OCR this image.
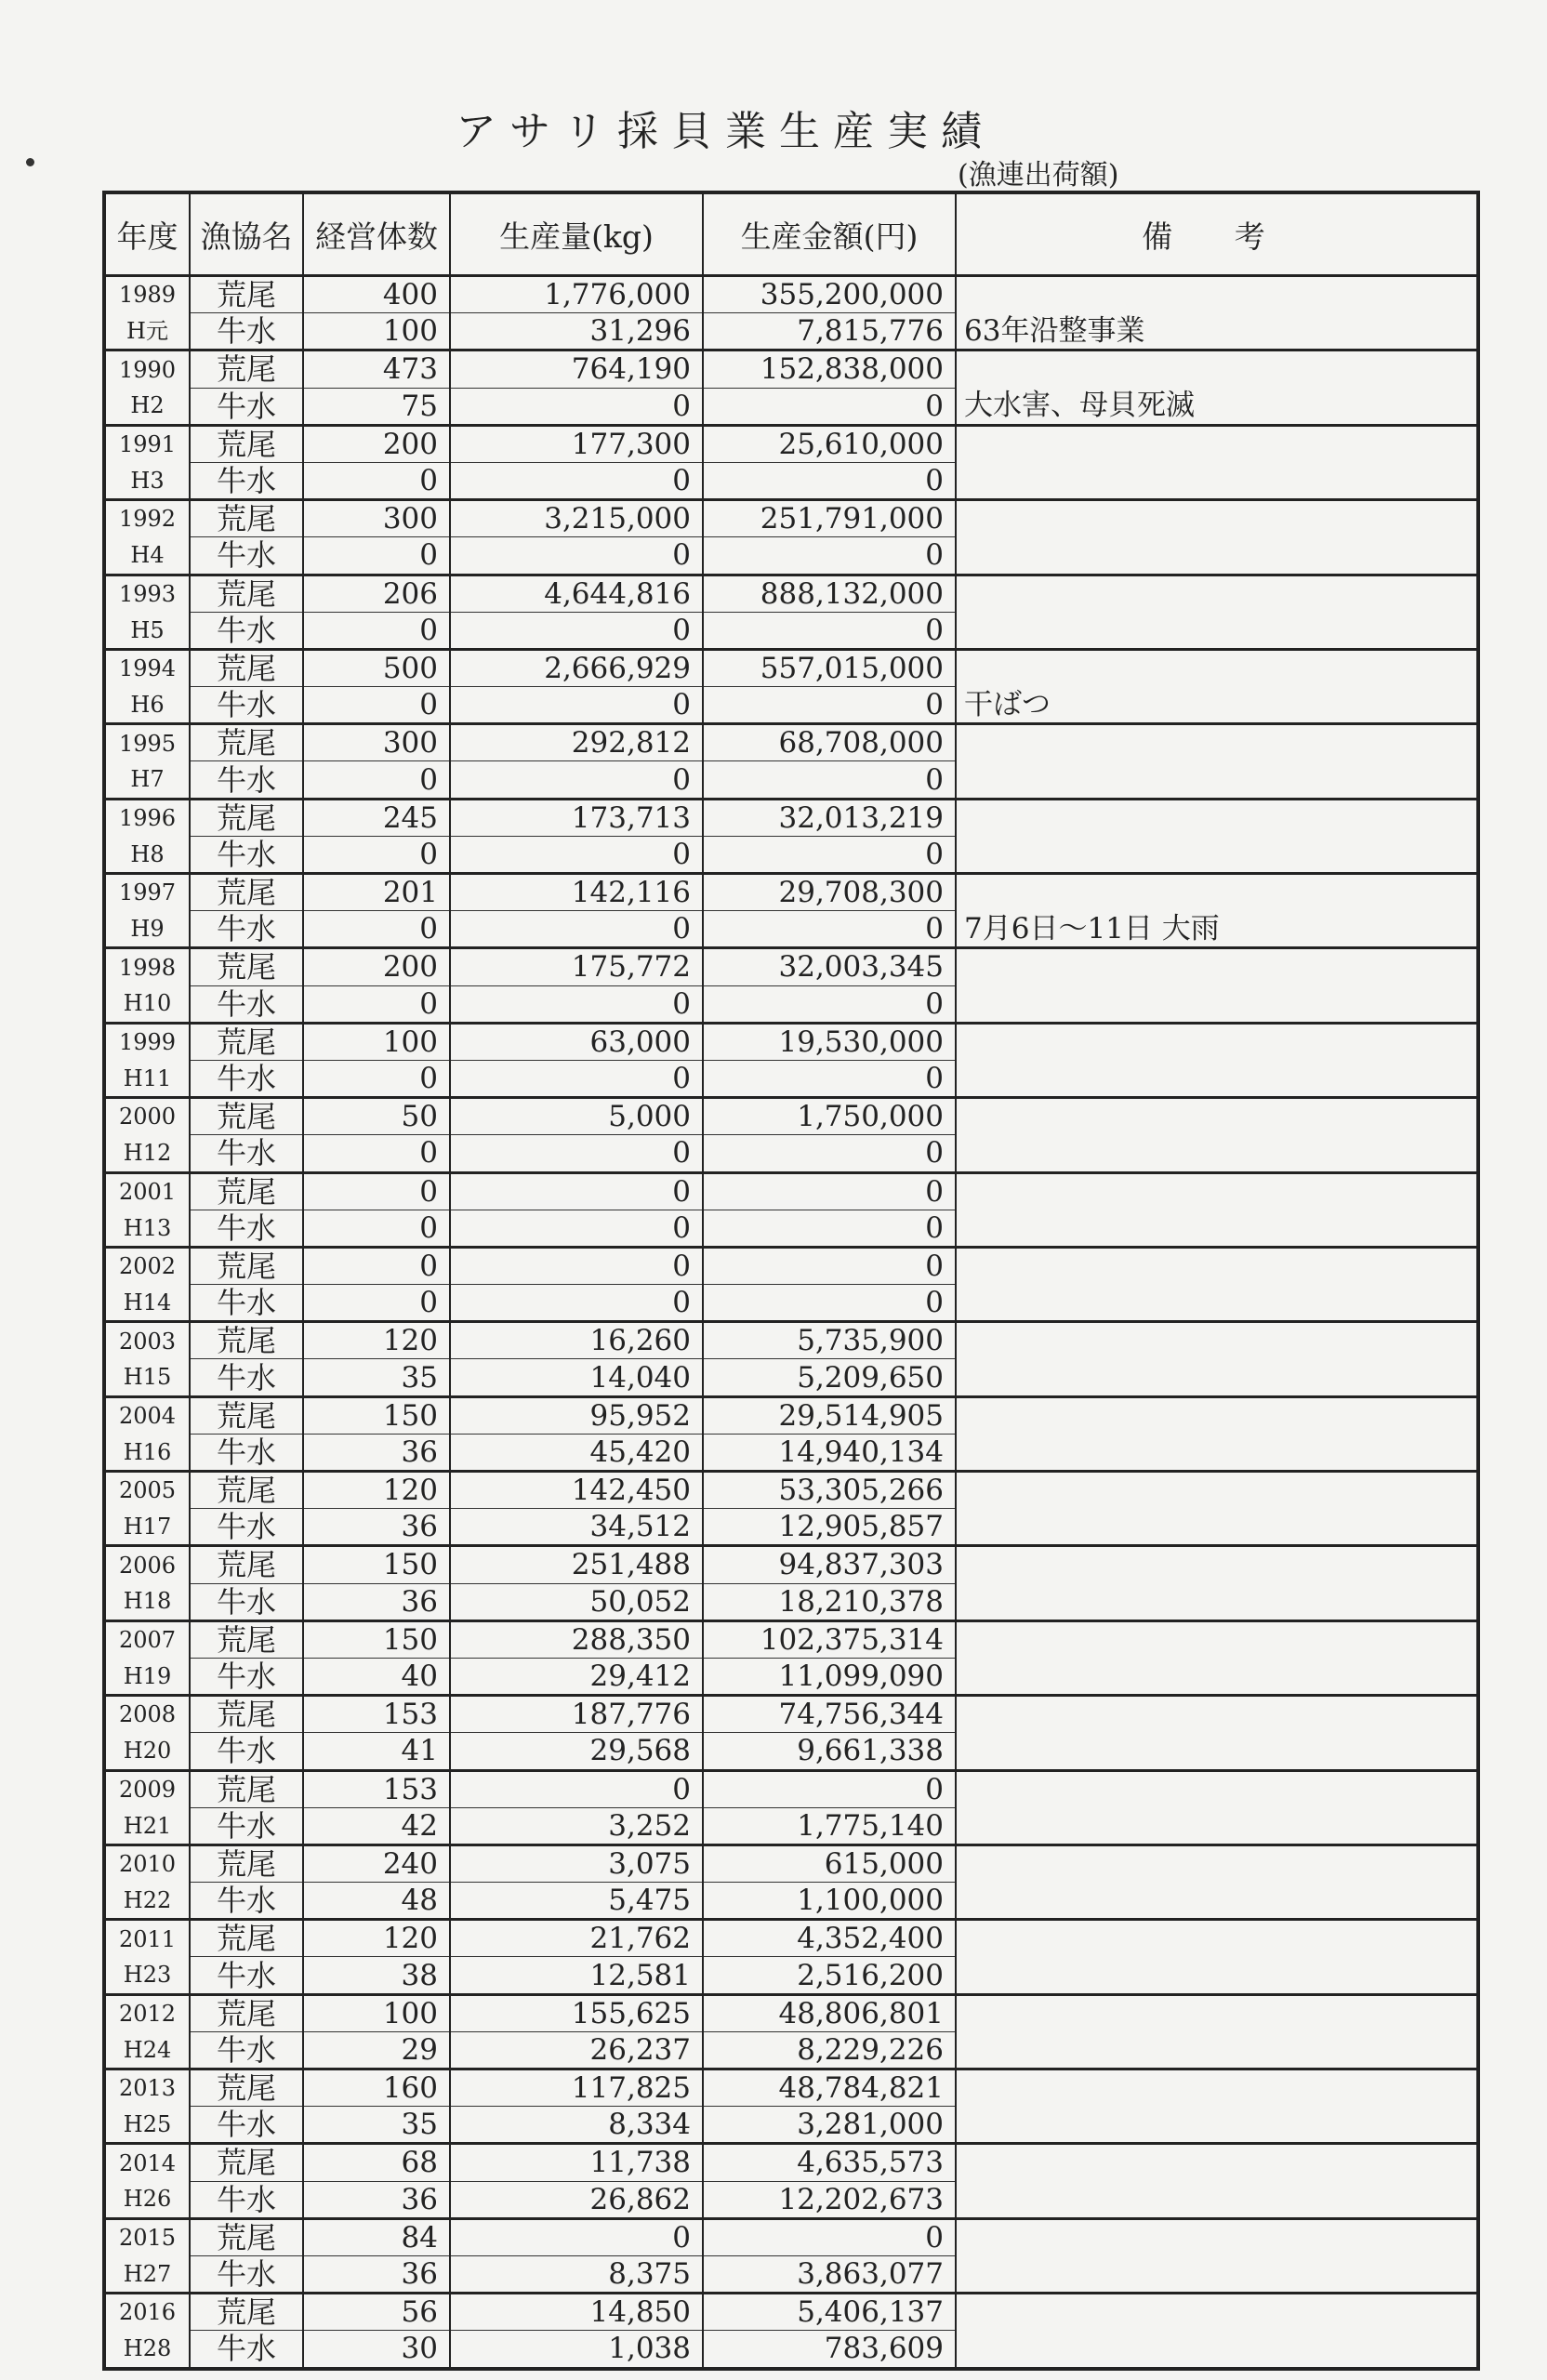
アサリ採貝業生産実績
(漁連出荷額)
年度	漁協名	経営体数	生産量(kg)	生産金額(円)	備 考
1989	荒尾	400	1,776,000	355,200,000	
H元	牛水	100	31,296	7,815,776	63年沿整事業
1990	荒尾	473	764,190	152,838,000	
H2	牛水	75	0	0	大水害、母貝死滅
1991	荒尾	200	177,300	25,610,000	
H3	牛水	0	0	0	
1992	荒尾	300	3,215,000	251,791,000	
H4	牛水	0	0	0	
1993	荒尾	206	4,644,816	888,132,000	
H5	牛水	0	0	0	
1994	荒尾	500	2,666,929	557,015,000	
H6	牛水	0	0	0	干ばつ
1995	荒尾	300	292,812	68,708,000	
H7	牛水	0	0	0	
1996	荒尾	245	173,713	32,013,219	
H8	牛水	0	0	0	
1997	荒尾	201	142,116	29,708,300	
H9	牛水	0	0	0	7月6日～11日 大雨
1998	荒尾	200	175,772	32,003,345	
H10	牛水	0	0	0	
1999	荒尾	100	63,000	19,530,000	
H11	牛水	0	0	0	
2000	荒尾	50	5,000	1,750,000	
H12	牛水	0	0	0	
2001	荒尾	0	0	0	
H13	牛水	0	0	0	
2002	荒尾	0	0	0	
H14	牛水	0	0	0	
2003	荒尾	120	16,260	5,735,900	
H15	牛水	35	14,040	5,209,650	
2004	荒尾	150	95,952	29,514,905	
H16	牛水	36	45,420	14,940,134	
2005	荒尾	120	142,450	53,305,266	
H17	牛水	36	34,512	12,905,857	
2006	荒尾	150	251,488	94,837,303	
H18	牛水	36	50,052	18,210,378	
2007	荒尾	150	288,350	102,375,314	
H19	牛水	40	29,412	11,099,090	
2008	荒尾	153	187,776	74,756,344	
H20	牛水	41	29,568	9,661,338	
2009	荒尾	153	0	0	
H21	牛水	42	3,252	1,775,140	
2010	荒尾	240	3,075	615,000	
H22	牛水	48	5,475	1,100,000	
2011	荒尾	120	21,762	4,352,400	
H23	牛水	38	12,581	2,516,200	
2012	荒尾	100	155,625	48,806,801	
H24	牛水	29	26,237	8,229,226	
2013	荒尾	160	117,825	48,784,821	
H25	牛水	35	8,334	3,281,000	
2014	荒尾	68	11,738	4,635,573	
H26	牛水	36	26,862	12,202,673	
2015	荒尾	84	0	0	
H27	牛水	36	8,375	3,863,077	
2016	荒尾	56	14,850	5,406,137	
H28	牛水	30	1,038	783,609	
